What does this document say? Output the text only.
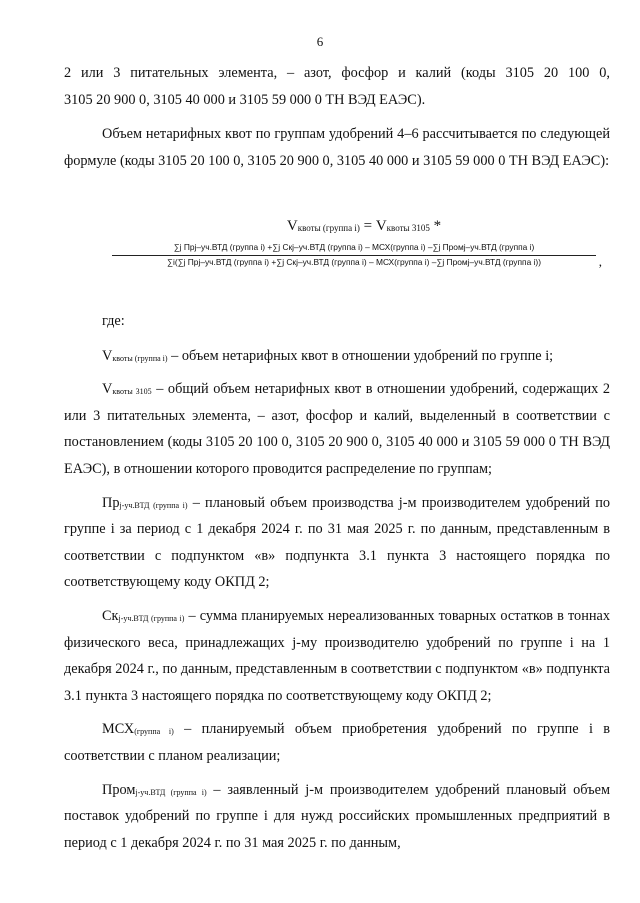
6

2 или 3 питательных элемента, – азот, фосфор и калий (коды 3105 20 100 0,

3105 20 900 0, 3105 40 000 и 3105 59 000 0 ТН ВЭД ЕАЭС).

Объем нетарифных квот по группам удобрений 4–6 рассчитывается по следующей формуле (коды 3105 20 100 0, 3105 20 900 0, 3105 40 000 и 3105 59 000 0 ТН ВЭД ЕАЭС):

$V_{квоты (группа i)} = V_{квоты 3105}$ *
∑j Прj–уч.ВТД (группа i) +∑j Скj–уч.ВТД (группа i) – МСХ(группа i) –∑j Промj–уч.ВТД (группа i)
∑i(∑j Прj–уч.ВТД (группа i) +∑j Скj–уч.ВТД (группа i) – МСХ(группа i) –∑j Промj–уч.ВТД (группа i))	,

где:

$V_{квоты (группа i)}$ – объем нетарифных квот в отношении удобрений по группе i;

$V_{квоты 3105}$ – общий объем нетарифных квот в отношении удобрений, содержащих 2 или 3 питательных элемента, – азот, фосфор и калий, выделенный в соответствии с постановлением (коды 3105 20 100 0, 3105 20 900 0, 3105 40 000 и 3105 59 000 0 ТН ВЭД ЕАЭС), в отношении которого проводится распределение по группам;

$Пр_{j-уч.ВТД (группа i)}$ – плановый объем производства j-м производителем удобрений по группе i за период с 1 декабря 2024 г. по 31 мая 2025 г. по данным, представленным в соответствии с подпунктом «в» подпункта 3.1 пункта 3 настоящего порядка по соответствующему коду ОКПД 2;

$Ск_{j-уч.ВТД (группа i)}$ – сумма планируемых нереализованных товарных остатков в тоннах физического веса, принадлежащих j-му производителю удобрений по группе i на 1 декабря 2024 г., по данным, представленным в соответствии с подпунктом «в» подпункта 3.1 пункта 3 настоящего порядка по соответствующему коду ОКПД 2;

$МСХ_{(группа i)}$ – планируемый объем приобретения удобрений по группе i в соответствии с планом реализации;

Пром$_{j-уч.ВТД (группа i)}$ – заявленный j-м производителем удобрений плановый объем поставок удобрений по группе i для нужд российских промышленных предприятий в период с 1 декабря 2024 г. по 31 мая 2025 г. по данным,
